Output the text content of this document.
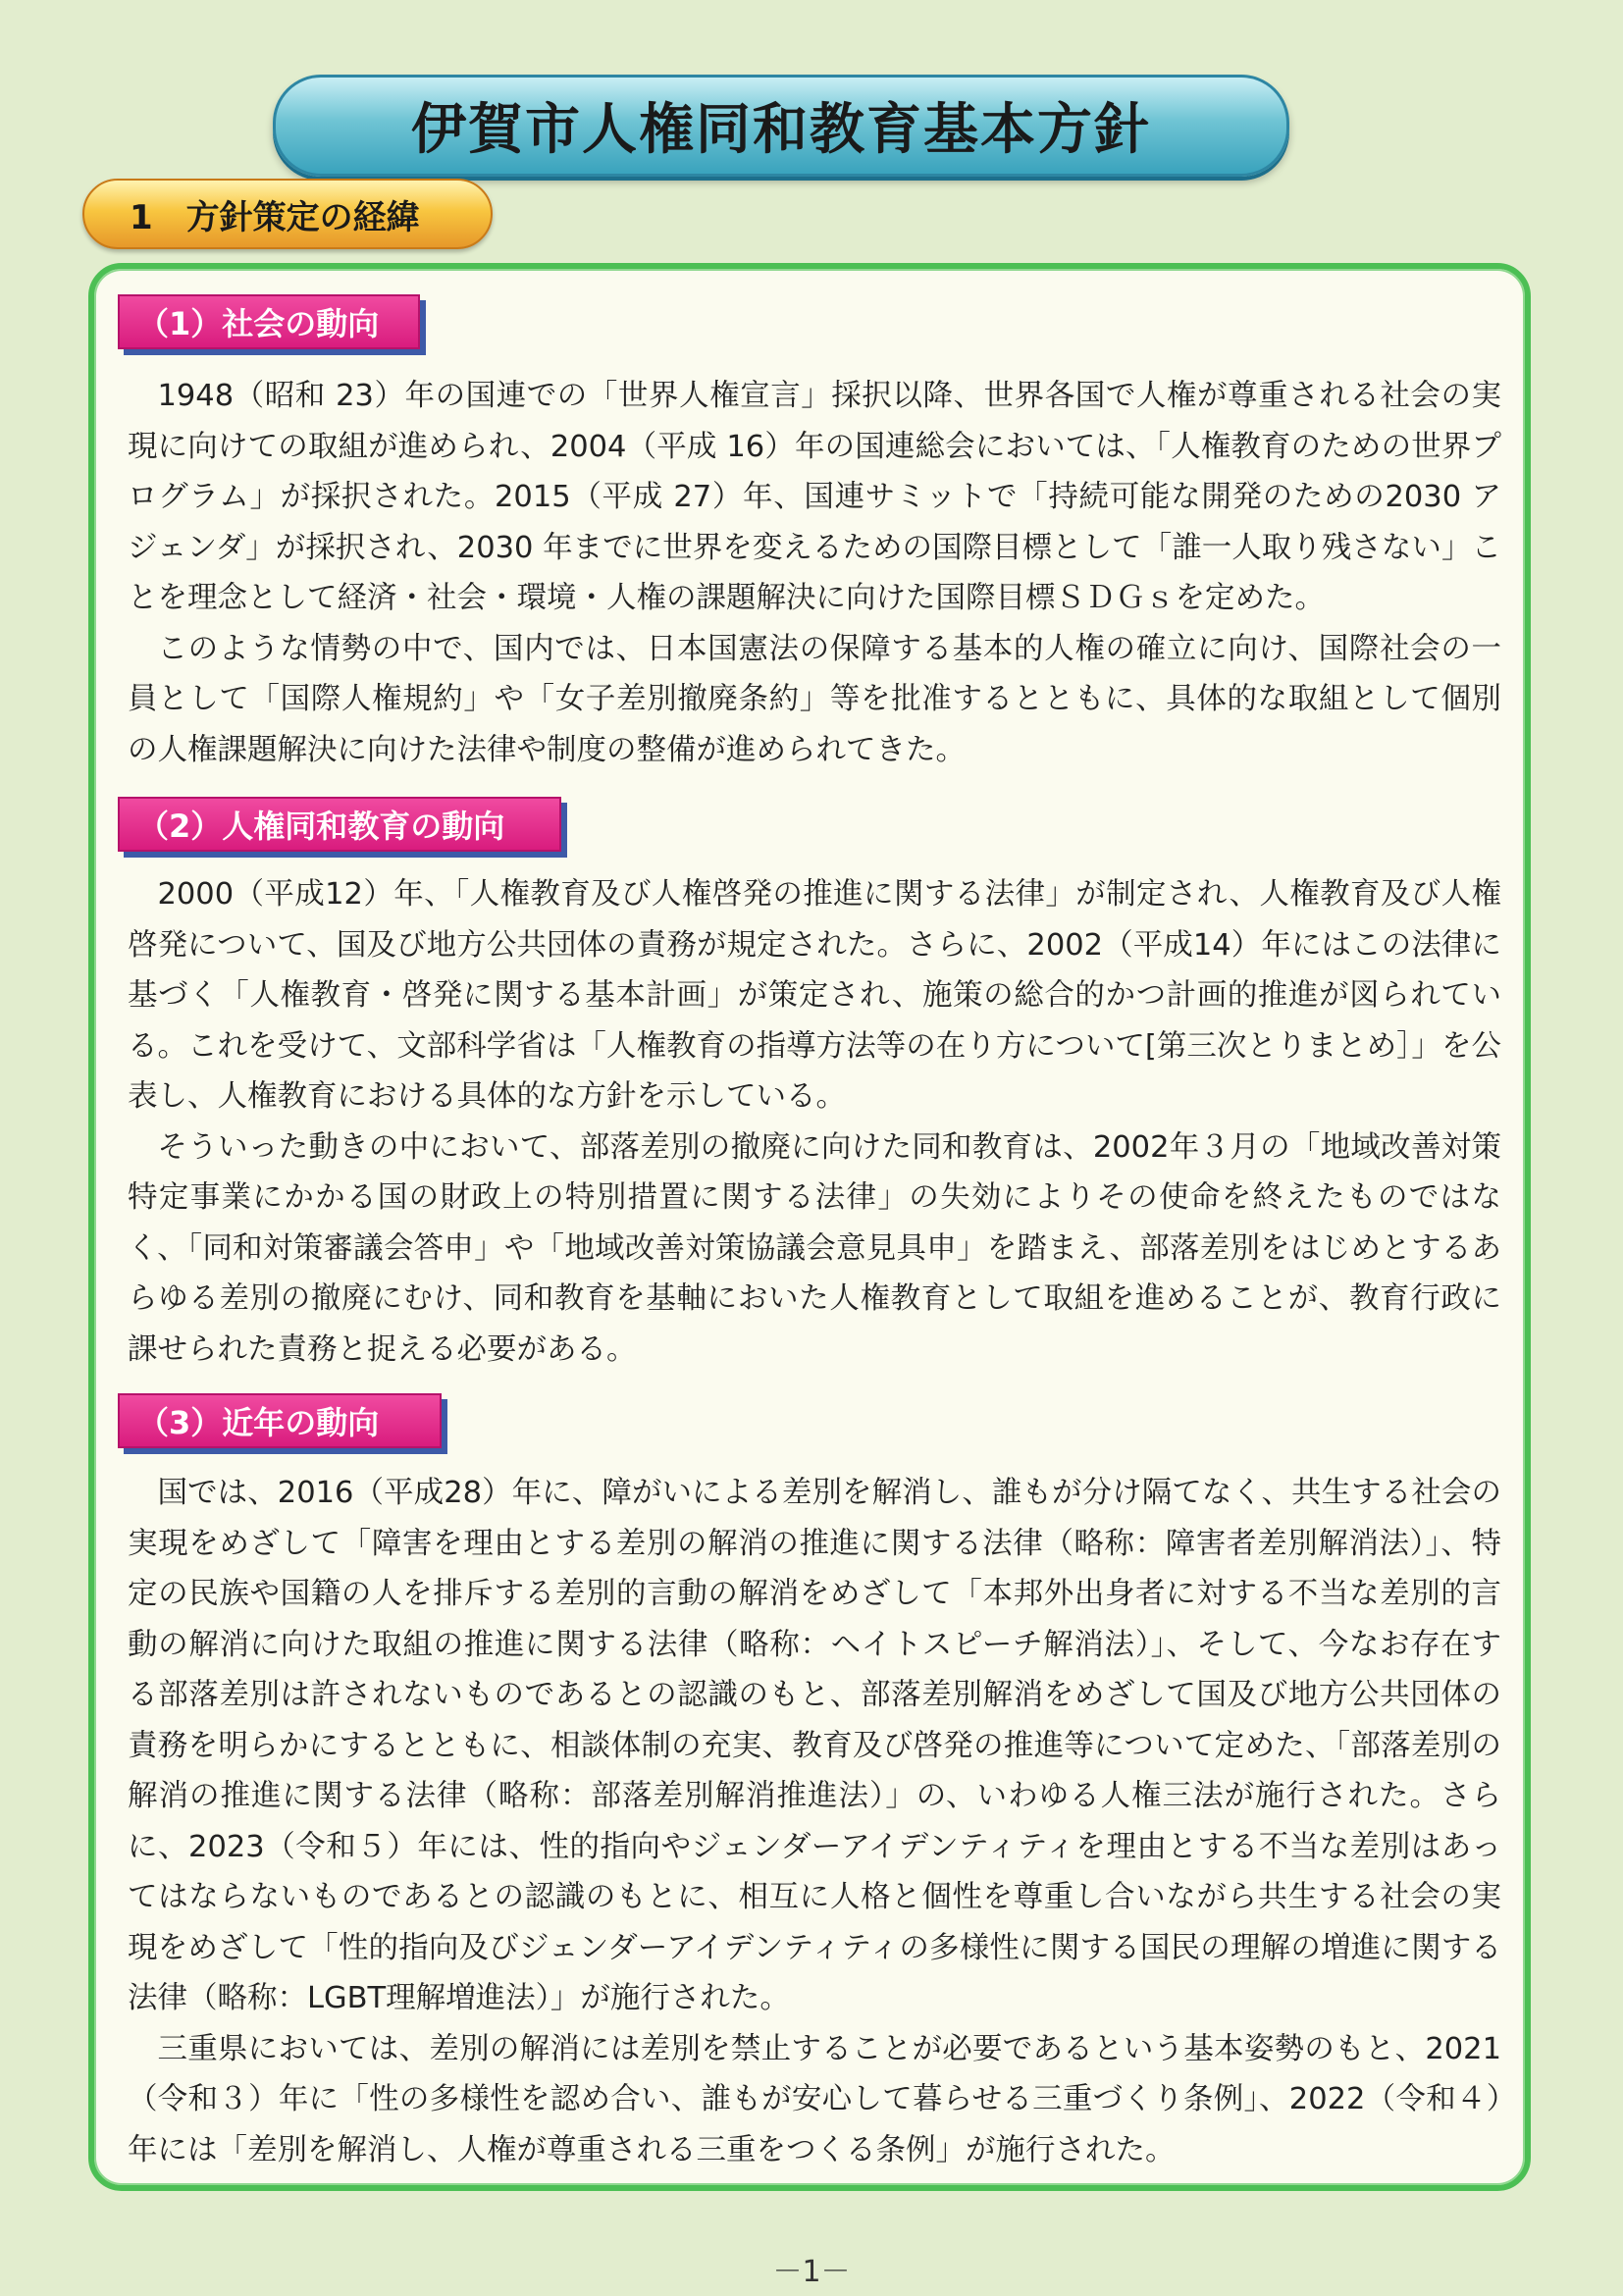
伊賀市人権同和教育基本方針
1　方針策定の経緯
（1）社会の動向

1948（昭和 23）年の国連での「世界人権宣言」採択以降、世界各国で人権が尊重される社会の実現に向けての取組が進められ、2004（平成 16）年の国連総会においては、「人権教育のための世界プログラム」が採択された。2015（平成 27）年、国連サミットで「持続可能な開発のための2030 アジェンダ」が採択され、2030 年までに世界を変えるための国際目標として「誰一人取り残さない」ことを理念として経済・社会・環境・人権の課題解決に向けた国際目標ＳＤＧｓを定めた。

このような情勢の中で、国内では、日本国憲法の保障する基本的人権の確立に向け、国際社会の一員として「国際人権規約」や「女子差別撤廃条約」等を批准するとともに、具体的な取組として個別の人権課題解決に向けた法律や制度の整備が進められてきた。

（2）人権同和教育の動向

2000（平成12）年、「人権教育及び人権啓発の推進に関する法律」が制定され、人権教育及び人権啓発について、国及び地方公共団体の責務が規定された。さらに、2002（平成14）年にはこの法律に基づく「人権教育・啓発に関する基本計画」が策定され、施策の総合的かつ計画的推進が図られている。これを受けて、文部科学省は「人権教育の指導方法等の在り方について[第三次とりまとめ］」を公表し、人権教育における具体的な方針を示している。

そういった動きの中において、部落差別の撤廃に向けた同和教育は、2002年３月の「地域改善対策特定事業にかかる国の財政上の特別措置に関する法律」の失効によりその使命を終えたものではなく、「同和対策審議会答申」や「地域改善対策協議会意見具申」を踏まえ、部落差別をはじめとするあらゆる差別の撤廃にむけ、同和教育を基軸においた人権教育として取組を進めることが、教育行政に課せられた責務と捉える必要がある。

（3）近年の動向

国では、2016（平成28）年に、障がいによる差別を解消し、誰もが分け隔てなく、共生する社会の実現をめざして「障害を理由とする差別の解消の推進に関する法律（略称：障害者差別解消法）」、特定の民族や国籍の人を排斥する差別的言動の解消をめざして「本邦外出身者に対する不当な差別的言動の解消に向けた取組の推進に関する法律（略称：ヘイトスピーチ解消法）」、そして、今なお存在する部落差別は許されないものであるとの認識のもと、部落差別解消をめざして国及び地方公共団体の責務を明らかにするとともに、相談体制の充実、教育及び啓発の推進等について定めた、「部落差別の解消の推進に関する法律（略称：部落差別解消推進法）」の、いわゆる人権三法が施行された。さらに、2023（令和５）年には、性的指向やジェンダーアイデンティティを理由とする不当な差別はあってはならないものであるとの認識のもとに、相互に人格と個性を尊重し合いながら共生する社会の実現をめざして「性的指向及びジェンダーアイデンティティの多様性に関する国民の理解の増進に関する法律（略称：LGBT理解増進法）」が施行された。

三重県においては、差別の解消には差別を禁止することが必要であるという基本姿勢のもと、2021（令和３）年に「性の多様性を認め合い、誰もが安心して暮らせる三重づくり条例」、2022（令和４）年には「差別を解消し、人権が尊重される三重をつくる条例」が施行された。

－1－
